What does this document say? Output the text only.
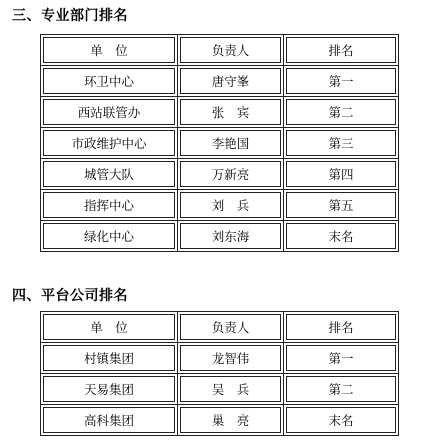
三、专业部门排名
单　位	负责人	排名

环卫中心	唐守峯	第一

西站联管办	张　宾	第二

市政维护中心	李艳国	第三

城管大队	万新亮	第四

指挥中心	刘　兵	第五

绿化中心	刘东海	末名
四、平台公司排名
单　位	负责人	排名

村镇集团	龙智伟	第一

天易集团	吴　兵	第二

高科集团	巢　亮	末名
